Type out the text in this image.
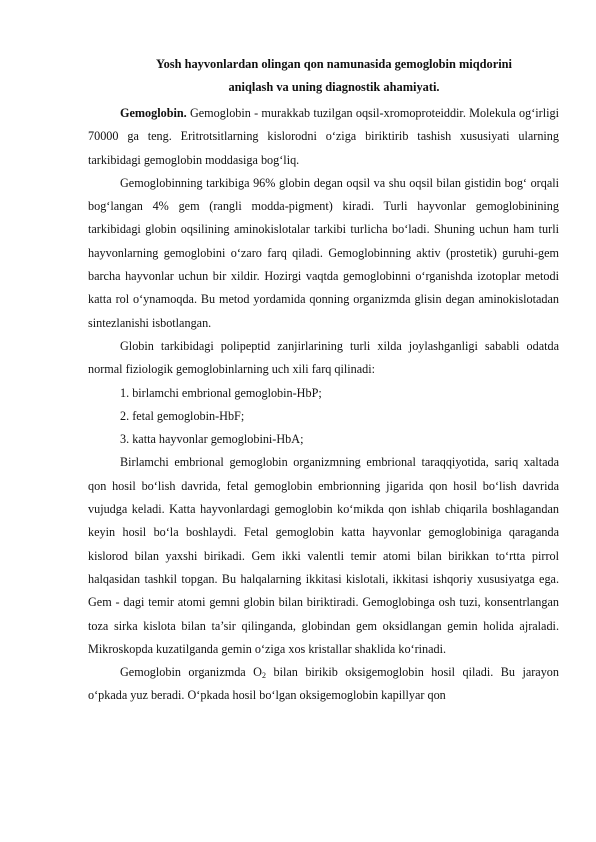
Yosh hayvonlardan olingan qon namunasida gemoglobin miqdorini
aniqlash va uning diagnostik ahamiyati.

Gemoglobin. Gemoglobin - murakkab tuzilgan oqsil-xromoproteiddir. Molekula og‘irligi 70000 ga teng. Eritrotsitlarning kislorodni o‘ziga biriktirib tashish xususiyati ularning tarkibidagi gemoglobin moddasiga bog‘liq.

Gemoglobinning tarkibiga 96% globin degan oqsil va shu oqsil bilan gistidin bog‘ orqali bog‘langan 4% gem (rangli modda-pigment) kiradi. Turli hayvonlar gemoglobinining tarkibidagi globin oqsilining aminokislotalar tarkibi turlicha bo‘ladi. Shuning uchun ham turli hayvonlarning gemoglobini o‘zaro farq qiladi. Gemoglobinning aktiv (prostetik) guruhi-gem barcha hayvonlar uchun bir xildir. Hozirgi vaqtda gemoglobinni o‘rganishda izotoplar metodi katta rol o‘ynamoqda. Bu metod yordamida qonning organizmda glisin degan aminokislotadan sintezlanishi isbotlangan.

Globin tarkibidagi polipeptid zanjirlarining turli xilda joylashganligi sababli odatda normal fiziologik gemoglobinlarning uch xili farq qilinadi:

1. birlamchi embrional gemoglobin-HbP;

2. fetal gemoglobin-HbF;

3. katta hayvonlar gemoglobini-HbA;

Birlamchi embrional gemoglobin organizmning embrional taraqqiyotida, sariq xaltada qon hosil bo‘lish davrida, fetal gemoglobin embrionning jigarida qon hosil bo‘lish davrida vujudga keladi. Katta hayvonlardagi gemoglobin ko‘mikda qon ishlab chiqarila boshlagandan keyin hosil bo‘la boshlaydi. Fetal gemoglobin katta hayvonlar gemoglobiniga qaraganda kislorod bilan yaxshi birikadi. Gem ikki valentli temir atomi bilan birikkan to‘rtta pirrol halqasidan tashkil topgan. Bu halqalarning ikkitasi kislotali, ikkitasi ishqoriy xususiyatga ega. Gem - dagi temir atomi gemni globin bilan biriktiradi. Gemoglobinga osh tuzi, konsentrlangan toza sirka kislota bilan ta’sir qilinganda, globindan gem oksidlangan gemin holida ajraladi. Mikroskopda kuzatilganda gemin o‘ziga xos kristallar shaklida ko‘rinadi.

Gemoglobin organizmda $O_2$ bilan birikib oksigemoglobin hosil qiladi. Bu jarayon o‘pkada yuz beradi. O‘pkada hosil bo‘lgan oksigemoglobin kapillyar qon
